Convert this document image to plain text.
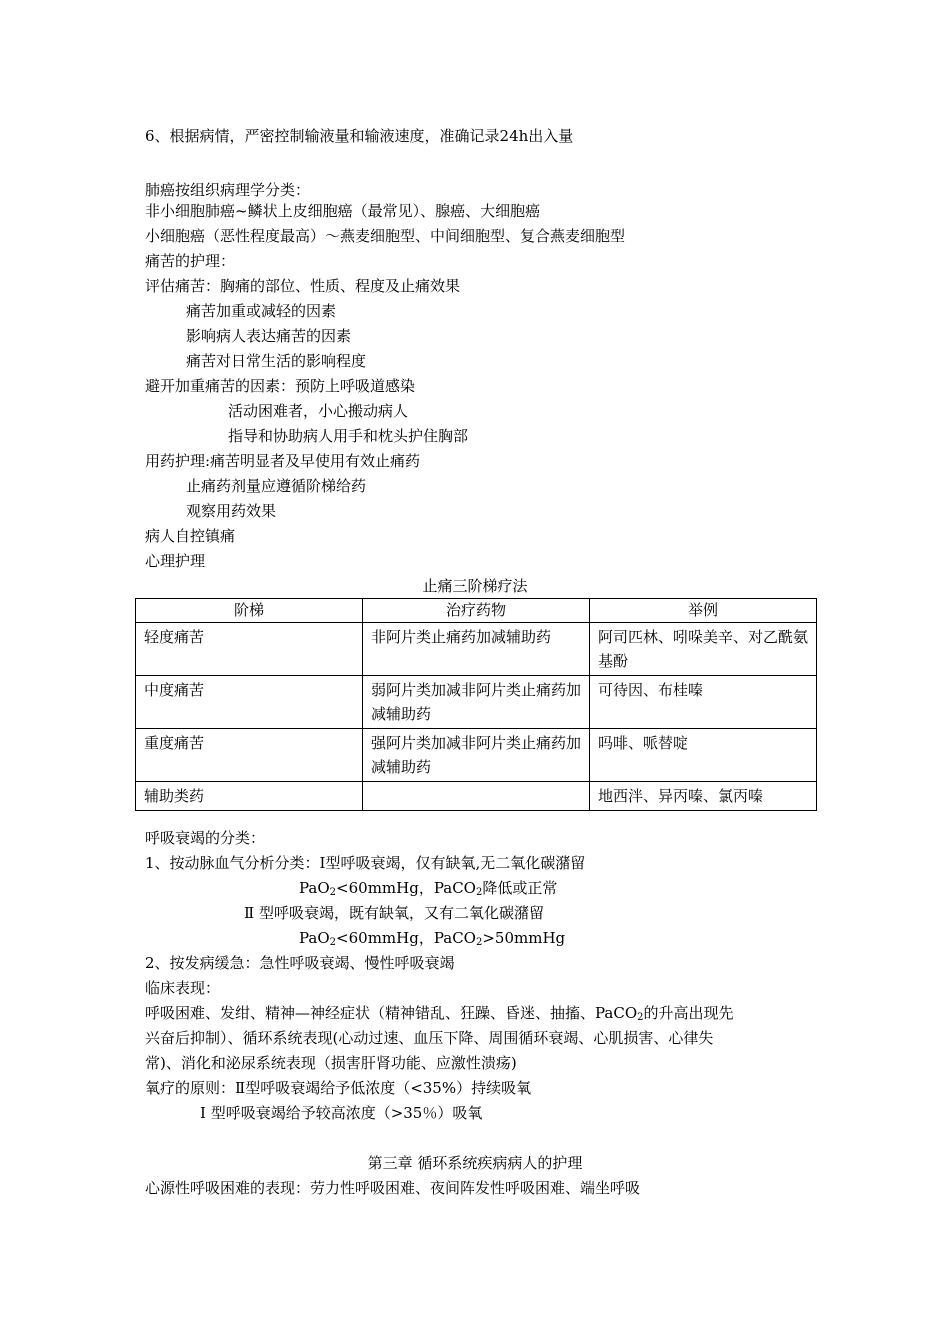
6、根据病情，严密控制输液量和输液速度，准确记录24h出入量
肺癌按组织病理学分类：
非小细胞肺癌~鳞状上皮细胞癌（最常见）、腺癌、大细胞癌
小细胞癌（恶性程度最高）～燕麦细胞型、中间细胞型、复合燕麦细胞型
痛苦的护理：
评估痛苦：胸痛的部位、性质、程度及止痛效果
痛苦加重或减轻的因素
影响病人表达痛苦的因素
痛苦对日常生活的影响程度
避开加重痛苦的因素：预防上呼吸道感染
活动困难者，小心搬动病人
指导和协助病人用手和枕头护住胸部
用药护理:痛苦明显者及早使用有效止痛药
止痛药剂量应遵循阶梯给药
观察用药效果
病人自控镇痛
心理护理
止痛三阶梯疗法
阶梯	治疗药物	举例
轻度痛苦	非阿片类止痛药加减辅助药	阿司匹林、吲哚美辛、对乙酰氨基酚
中度痛苦	弱阿片类加减非阿片类止痛药加减辅助药	可待因、布桂嗪
重度痛苦	强阿片类加减非阿片类止痛药加减辅助药	吗啡、哌替啶
辅助类药		地西泮、异丙嗪、氯丙嗪
呼吸衰竭的分类：
1、按动脉血气分析分类：Ⅰ型呼吸衰竭，仅有缺氧,无二氧化碳潴留
PaO$_2$<60mmHg，PaCO$_2$降低或正常
Ⅱ 型呼吸衰竭，既有缺氧，又有二氧化碳潴留
PaO$_2$<60mmHg，PaCO$_2$>50mmHg
2、按发病缓急：急性呼吸衰竭、慢性呼吸衰竭
临床表现：
呼吸困难、发绀、精神—神经症状（精神错乱、狂躁、昏迷、抽搐、PaCO$_2$的升高出现先
兴奋后抑制）、循环系统表现(心动过速、血压下降、周围循环衰竭、心肌损害、心律失
常)、消化和泌尿系统表现（损害肝肾功能、应激性溃疡)
氧疗的原则：Ⅱ型呼吸衰竭给予低浓度（<35%）持续吸氧
Ⅰ 型呼吸衰竭给予较高浓度（>35％）吸氧
第三章 循环系统疾病病人的护理
心源性呼吸困难的表现：劳力性呼吸困难、夜间阵发性呼吸困难、端坐呼吸
